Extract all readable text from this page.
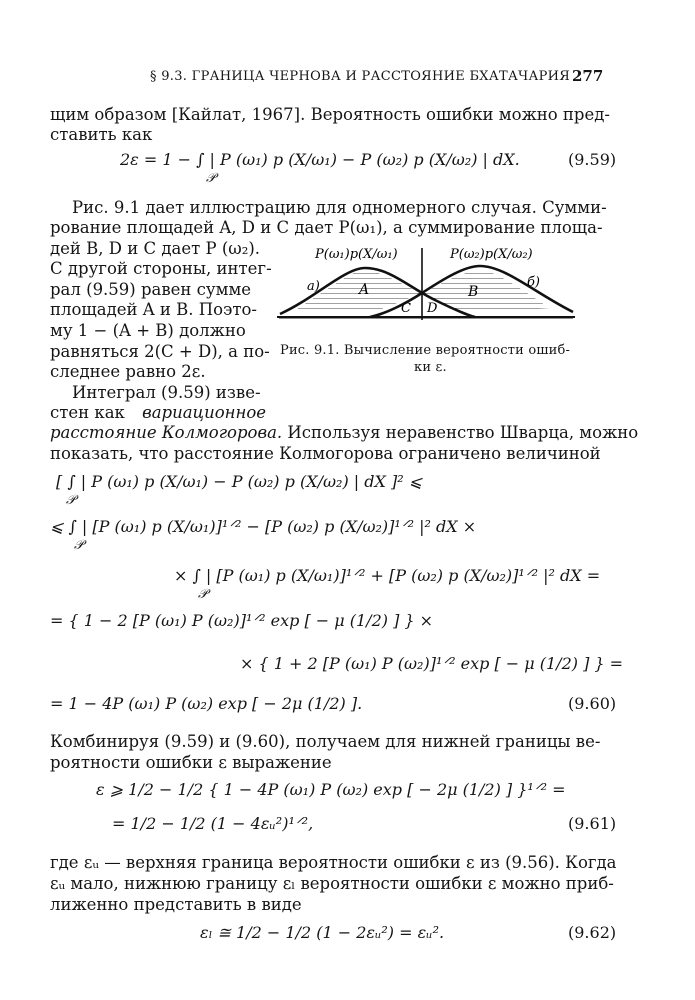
§ 9.3. ГРАНИЦА ЧЕРНОВА И РАССТОЯНИЕ БХАТАЧАРИЯ 277
щим образом [Кайлат, 1967]. Вероятность ошибки можно пред-
ставить как
2ε = 1 − ∫ | P (ω₁) p (X/ω₁) − P (ω₂) p (X/ω₂) | dX.
𝒫
(9.59)
Рис. 9.1 дает иллюстрацию для одномерного случая. Сумми-
рование площадей A, D и C дает P(ω₁), а суммирование площа-
дей B, D и C дает P (ω₂).
С другой стороны, интег-
рал (9.59) равен сумме
площадей A и B. Поэто-
му 1 − (A + B) должно
равняться 2(C + D), а по-
следнее равно 2ε.
P(ω₁)p(X/ω₁)	P(ω₂)p(X/ω₂)
a)	б)
A	B
C D
Рис. 9.1. Вычисление вероятности ошиб-
ки ε.
Интеграл (9.59) изве-
стен как вариационное
расстояние Колмогорова. Используя неравенство Шварца, можно
показать, что расстояние Колмогорова ограничено величиной
[ ∫ | P (ω₁) p (X/ω₁) − P (ω₂) p (X/ω₂) | dX ]² ⩽
𝒫
⩽ ∫ | [P (ω₁) p (X/ω₁)]¹ᐟ² − [P (ω₂) p (X/ω₂)]¹ᐟ² |² dX ×
𝒫
× ∫ | [P (ω₁) p (X/ω₁)]¹ᐟ² + [P (ω₂) p (X/ω₂)]¹ᐟ² |² dX =
𝒫
= { 1 − 2 [P (ω₁) P (ω₂)]¹ᐟ² exp [ − μ (1/2) ] } ×
× { 1 + 2 [P (ω₁) P (ω₂)]¹ᐟ² exp [ − μ (1/2) ] } =
= 1 − 4P (ω₁) P (ω₂) exp [ − 2μ (1/2) ].	(9.60)
Комбинируя (9.59) и (9.60), получаем для нижней границы ве-
роятности ошибки ε выражение
ε ⩾ 1/2 − 1/2 { 1 − 4P (ω₁) P (ω₂) exp [ − 2μ (1/2) ] }¹ᐟ² =
= 1/2 − 1/2 (1 − 4εᵤ²)¹ᐟ²,	(9.61)
где εᵤ — верхняя граница вероятности ошибки ε из (9.56). Когда
εᵤ мало, нижнюю границу εₗ вероятности ошибки ε можно приб-
лиженно представить в виде
εₗ ≅ 1/2 − 1/2 (1 − 2εᵤ²) = εᵤ².	(9.62)
